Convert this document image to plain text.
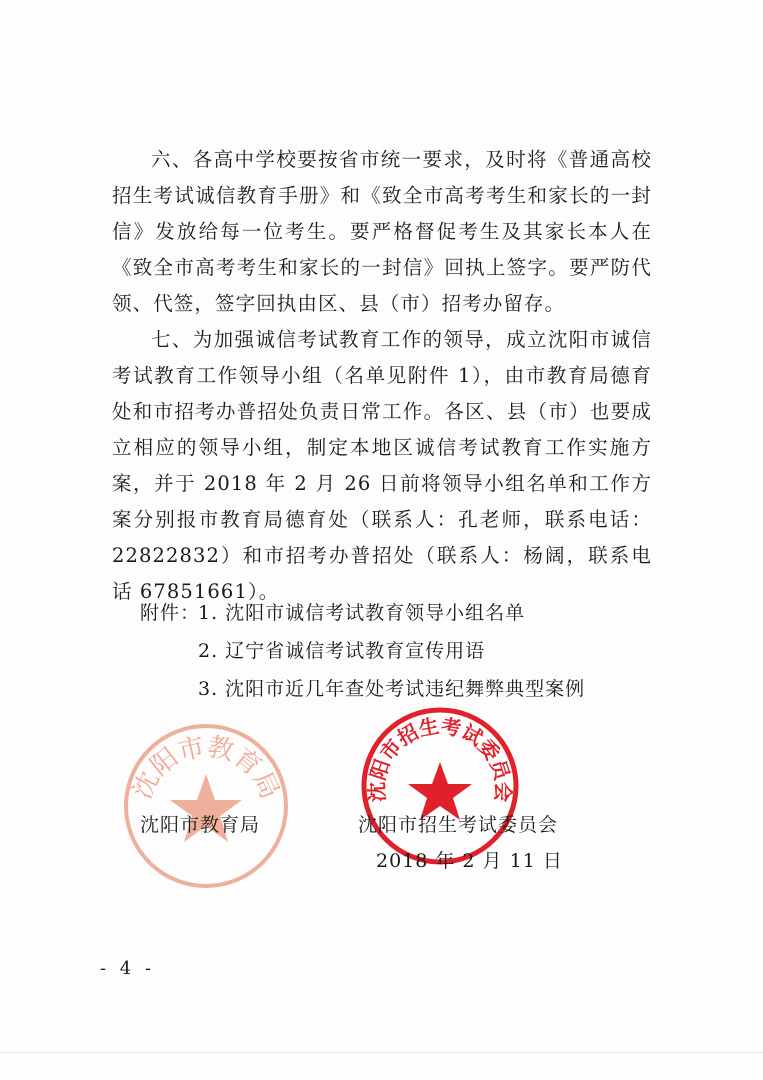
六、各高中学校要按省市统一要求，及时将《普通高校招生考试诚信教育手册》和《致全市高考考生和家长的一封信》发放给每一位考生。要严格督促考生及其家长本人在《致全市高考考生和家长的一封信》回执上签字。要严防代领、代签，签字回执由区、县（市）招考办留存。

七、为加强诚信考试教育工作的领导，成立沈阳市诚信考试教育工作领导小组（名单见附件 1），由市教育局德育处和市招考办普招处负责日常工作。各区、县（市）也要成立相应的领导小组，制定本地区诚信考试教育工作实施方案，并于 2018 年 2 月 26 日前将领导小组名单和工作方案分别报市教育局德育处（联系人：孔老师，联系电话：22822832）和市招考办普招处（联系人：杨阔，联系电话 67851661）。

附件：
1. 沈阳市诚信考试教育领导小组名单
2. 辽宁省诚信考试教育宣传用语
3. 沈阳市近几年查处考试违纪舞弊典型案例
沈阳市教育局	沈阳市招生考试委员会
沈阳市教育局	沈阳市招生考试委员会
2018 年 2 月 11 日
- 4 -
